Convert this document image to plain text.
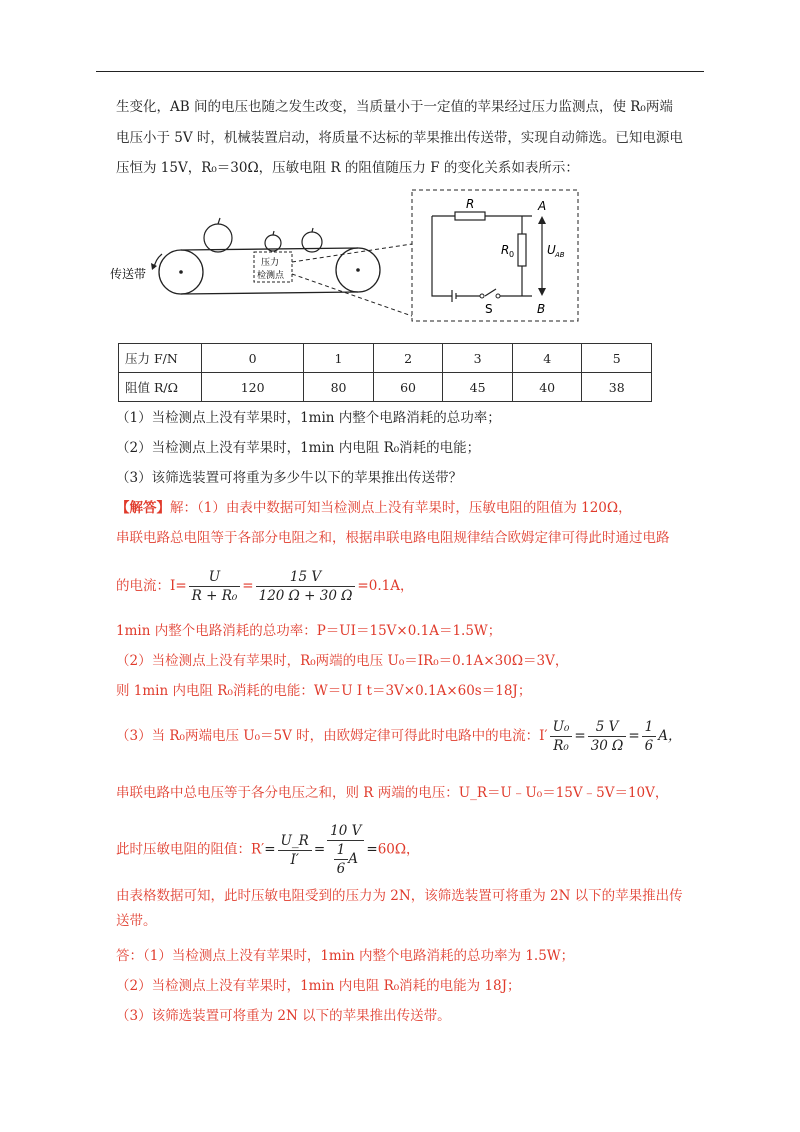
生变化，AB 间的电压也随之发生改变，当质量小于一定值的苹果经过压力监测点，使 R₀两端
电压小于 5V 时，机械装置启动，将质量不达标的苹果推出传送带，实现自动筛选。已知电源电
压恒为 15V，R₀＝30Ω，压敏电阻 R 的阻值随压力 F 的变化关系如表所示：
传送带
压力
检测点
R
R 0
A
B
S
U AB
压力 F/N	0	1	2	3	4	5
阻值 R/Ω	120	80	60	45	40	38
（1）当检测点上没有苹果时，1min 内整个电路消耗的总功率；
（2）当检测点上没有苹果时，1min 内电阻 R₀消耗的电能；
（3）该筛选装置可将重为多少牛以下的苹果推出传送带？
【解答】解：（1）由表中数据可知当检测点上没有苹果时，压敏电阻的阻值为 120Ω，
串联电路总电阻等于各部分电阻之和，根据串联电路电阻规律结合欧姆定律可得此时通过电路
的电流：$I= \frac{U}{\text{R + R₀}} = \frac{15 V}{120 \Omega + 30 \Omega} =0.1A$，
1min 内整个电路消耗的总功率：P＝UI＝15V×0.1A＝1.5W；
（2）当检测点上没有苹果时，R₀两端的电压 U₀＝IR₀＝0.1A×30Ω＝3V，
则 1min 内电阻 R₀消耗的电能：W＝U I t＝3V×0.1A×60s＝18J；
（3）当 R₀两端电压 U₀＝5V 时，由欧姆定律可得此时电路中的电流：$I' \frac{\text{U₀}}{\text{R₀}} = \frac{5 V}{30 \Omega} = \frac{1}{6}$ A，
串联电路中总电压等于各分电压之和，则 R 两端的电压：U_R＝U﹣U₀＝15V﹣5V＝10V，
此时压敏电阻的阻值：$R'= \frac{U\_R}{I'} = \frac{10 V}{\frac{1}{6} A} =60\Omega$，
由表格数据可知，此时压敏电阻受到的压力为 2N，该筛选装置可将重为 2N 以下的苹果推出传
送带。
答：（1）当检测点上没有苹果时，1min 内整个电路消耗的总功率为 1.5W；
（2）当检测点上没有苹果时，1min 内电阻 R₀消耗的电能为 18J；
（3）该筛选装置可将重为 2N 以下的苹果推出传送带。
